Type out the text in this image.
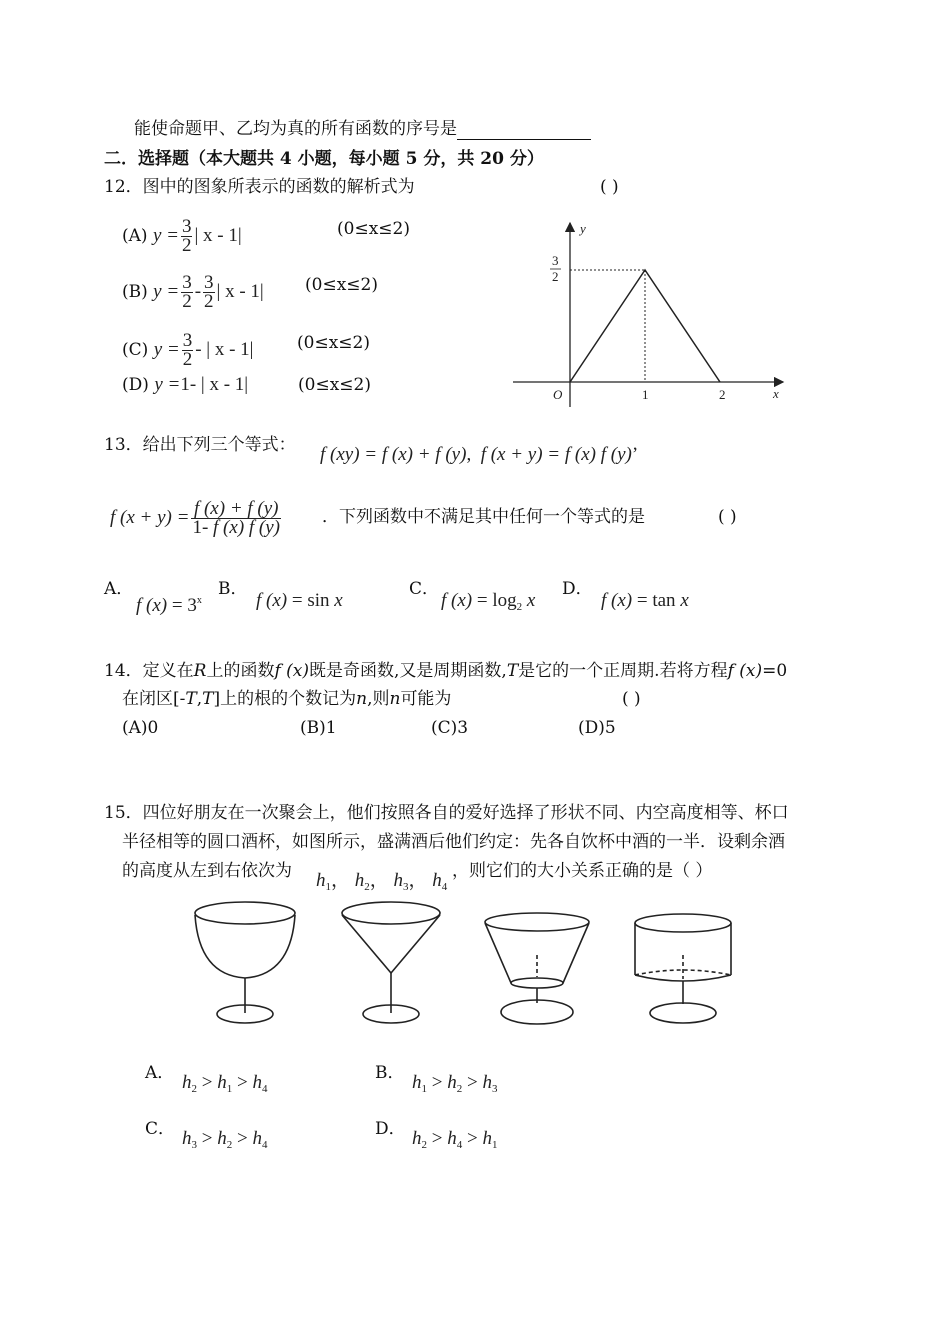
能使命题甲、乙均为真的所有函数的序号是
二．选择题（本大题共 4 小题，每小题 5 分，共 20 分）
12．图中的图象所表示的函数的解析式为	( )
(A) $y = \frac{3}{2}$ | x - 1|	(0≤x≤2)
(B) $y = \frac{3}{2} - \frac{3}{2}$ | x - 1| (0≤x≤2)
(C) $y = \frac{3}{2}$ - | x - 1|	(0≤x≤2)
(D) y =1- | x - 1|	(0≤x≤2)
y
x
O	1	2
3
2
13．给出下列三个等式： f (xy) = f (x) + f (y),  f (x + y) = f (x) f (y)’
f $(x + y) = \frac{f (x) + f (y)}{1- f (x) f (y)}$ ．下列函数中不满足其中任何一个等式的是	( )
A．
f $(x) = 3^x$
B．
f (x) = sin x
C．
f $(x) = \log_2 x$
D．
f (x) = tan x
14．定义在R上的函数f (x)既是奇函数,又是周期函数,T是它的一个正周期.若将方程f (x)=0
在闭区[-T,T]上的根的个数记为n,则n可能为	( )
(A)0	(B)1	(C)3	(D)5
15．四位好朋友在一次聚会上，他们按照各自的爱好选择了形状不同、内空高度相等、杯口
半径相等的圆口酒杯，如图所示，盛满酒后他们约定：先各自饮杯中酒的一半．设剩余酒
的高度从左到右依次为	，则它们的大小关系正确的是（ ）
$h_1$， $h_2$， $h_3$， $h_4$
A． $h_2 > h_1 > h_4$
B． $h_1 > h_2 > h_3$
C． $h_3 > h_2 > h_4$
D． $h_2 > h_4 > h_1$
